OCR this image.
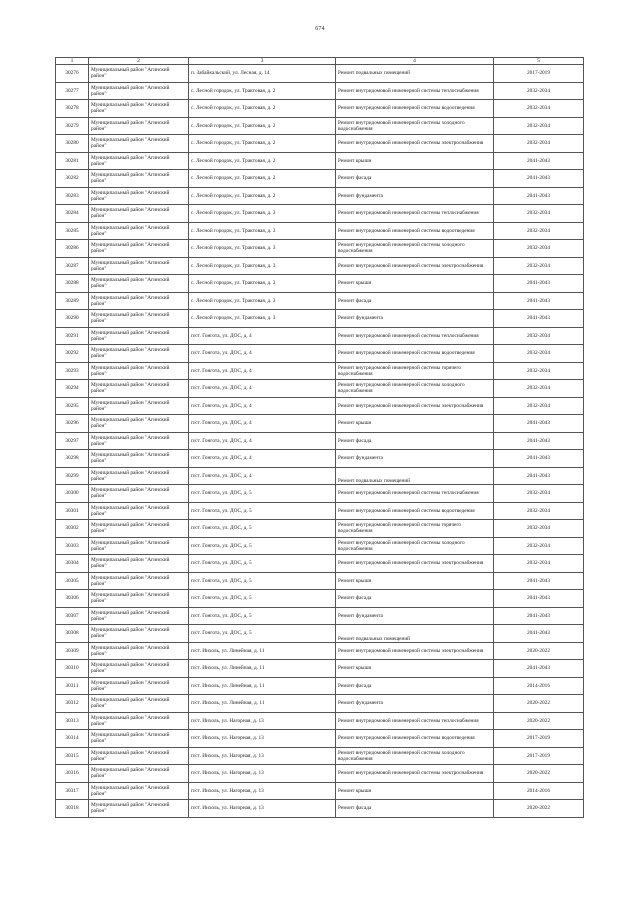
674
1	2	3	4	5
30276	Муниципальный район "Агинский район"	п. Забайкальский, ул. Лесная, д. 14	Ремонт подвальных помещений	2017-2019
30277	Муниципальный район "Агинский район"	с. Лесной городок, ул. Трактовая, д. 2	Ремонт внутридомовой инженерной системы теплоснабжения	2032-2034
30278	Муниципальный район "Агинский район"	с. Лесной городок, ул. Трактовая, д. 2	Ремонт внутридомовой инженерной системы водоотведения	2032-2034
30279	Муниципальный район "Агинский район"	с. Лесной городок, ул. Трактовая, д. 2	Ремонт внутридомовой инженерной системы холодного водоснабжения	2032-2034
30280	Муниципальный район "Агинский район"	с. Лесной городок, ул. Трактовая, д. 2	Ремонт внутридомовой инженерной системы электроснабжения	2032-2034
30281	Муниципальный район "Агинский район"	с. Лесной городок, ул. Трактовая, д. 2	Ремонт крыши	2041-2043
30282	Муниципальный район "Агинский район"	с. Лесной городок, ул. Трактовая, д. 2	Ремонт фасада	2041-2043
30283	Муниципальный район "Агинский район"	с. Лесной городок, ул. Трактовая, д. 2	Ремонт фундамента	2041-2043
30284	Муниципальный район "Агинский район"	с. Лесной городок, ул. Трактовая, д. 3	Ремонт внутридомовой инженерной системы теплоснабжения	2032-2034
30285	Муниципальный район "Агинский район"	с. Лесной городок, ул. Трактовая, д. 3	Ремонт внутридомовой инженерной системы водоотведения	2032-2034
30286	Муниципальный район "Агинский район"	с. Лесной городок, ул. Трактовая, д. 3	Ремонт внутридомовой инженерной системы холодного водоснабжения	2032-2034
30287	Муниципальный район "Агинский район"	с. Лесной городок, ул. Трактовая, д. 3	Ремонт внутридомовой инженерной системы электроснабжения	2032-2034
30288	Муниципальный район "Агинский район"	с. Лесной городок, ул. Трактовая, д. 3	Ремонт крыши	2041-2043
30289	Муниципальный район "Агинский район"	с. Лесной городок, ул. Трактовая, д. 3	Ремонт фасада	2041-2043
30290	Муниципальный район "Агинский район"	с. Лесной городок, ул. Трактовая, д. 3	Ремонт фундамента	2041-2043
30291	Муниципальный район "Агинский район"	п/ст. Гонгота, ул. ДОС, д. 4	Ремонт внутридомовой инженерной системы теплоснабжения	2032-2034
30292	Муниципальный район "Агинский район"	п/ст. Гонгота, ул. ДОС, д. 4	Ремонт внутридомовой инженерной системы водоотведения	2032-2034
30293	Муниципальный район "Агинский район"	п/ст. Гонгота, ул. ДОС, д. 4	Ремонт внутридомовой инженерной системы горячего водоснабжения	2032-2034
30294	Муниципальный район "Агинский район"	п/ст. Гонгота, ул. ДОС, д. 4	Ремонт внутридомовой инженерной системы холодного водоснабжения	2032-2034
30295	Муниципальный район "Агинский район"	п/ст. Гонгота, ул. ДОС, д. 4	Ремонт внутридомовой инженерной системы электроснабжения	2032-2034
30296	Муниципальный район "Агинский район"	п/ст. Гонгота, ул. ДОС, д. 4	Ремонт крыши	2041-2043
30297	Муниципальный район "Агинский район"	п/ст. Гонгота, ул. ДОС, д. 4	Ремонт фасада	2041-2043
30298	Муниципальный район "Агинский район"	п/ст. Гонгота, ул. ДОС, д. 4	Ремонт фундамента	2041-2043
30299	Муниципальный район "Агинский район"	п/ст. Гонгота, ул. ДОС, д. 4	Ремонт подвальных помещений	2041-2043
30300	Муниципальный район "Агинский район"	п/ст. Гонгота, ул. ДОС, д. 5	Ремонт внутридомовой инженерной системы теплоснабжения	2032-2034
30301	Муниципальный район "Агинский район"	п/ст. Гонгота, ул. ДОС, д. 5	Ремонт внутридомовой инженерной системы водоотведения	2032-2034
30302	Муниципальный район "Агинский район"	п/ст. Гонгота, ул. ДОС, д. 5	Ремонт внутридомовой инженерной системы горячего водоснабжения	2032-2034
30303	Муниципальный район "Агинский район"	п/ст. Гонгота, ул. ДОС, д. 5	Ремонт внутридомовой инженерной системы холодного водоснабжения	2032-2034
30304	Муниципальный район "Агинский район"	п/ст. Гонгота, ул. ДОС, д. 5	Ремонт внутридомовой инженерной системы электроснабжения	2032-2034
30305	Муниципальный район "Агинский район"	п/ст. Гонгота, ул. ДОС, д. 5	Ремонт крыши	2041-2043
30306	Муниципальный район "Агинский район"	п/ст. Гонгота, ул. ДОС, д. 5	Ремонт фасада	2041-2043
30307	Муниципальный район "Агинский район"	п/ст. Гонгота, ул. ДОС, д. 5	Ремонт фундамента	2041-2043
30308	Муниципальный район "Агинский район"	п/ст. Гонгота, ул. ДОС, д. 5	Ремонт подвальных помещений	2041-2043
30309	Муниципальный район "Агинский район"	п/ст. Иихоль, ул. Линейная, д. 11	Ремонт внутридомовой инженерной системы электроснабжения	2020-2022
30310	Муниципальный район "Агинский район"	п/ст. Иихоль, ул. Линейная, д. 11	Ремонт крыши	2041-2043
30311	Муниципальный район "Агинский район"	п/ст. Иихоль, ул. Линейная, д. 11	Ремонт фасада	2014-2016
30312	Муниципальный район "Агинский район"	п/ст. Иихоль, ул. Линейная, д. 11	Ремонт фундамента	2020-2022
30313	Муниципальный район "Агинский район"	п/ст. Иихоль, ул. Нагорная, д. 13	Ремонт внутридомовой инженерной системы теплоснабжения	2020-2022
30314	Муниципальный район "Агинский район"	п/ст. Иихоль, ул. Нагорная, д. 13	Ремонт внутридомовой инженерной системы водоотведения	2017-2019
30315	Муниципальный район "Агинский район"	п/ст. Иихоль, ул. Нагорная, д. 13	Ремонт внутридомовой инженерной системы холодного водоснабжения	2017-2019
30316	Муниципальный район "Агинский район"	п/ст. Иихоль, ул. Нагорная, д. 13	Ремонт внутридомовой инженерной системы электроснабжения	2020-2022
30317	Муниципальный район "Агинский район"	п/ст. Иихоль, ул. Нагорная, д. 13	Ремонт крыши	2014-2016
30318	Муниципальный район "Агинский район"	п/ст. Иихоль, ул. Нагорная, д. 13	Ремонт фасада	2020-2022
